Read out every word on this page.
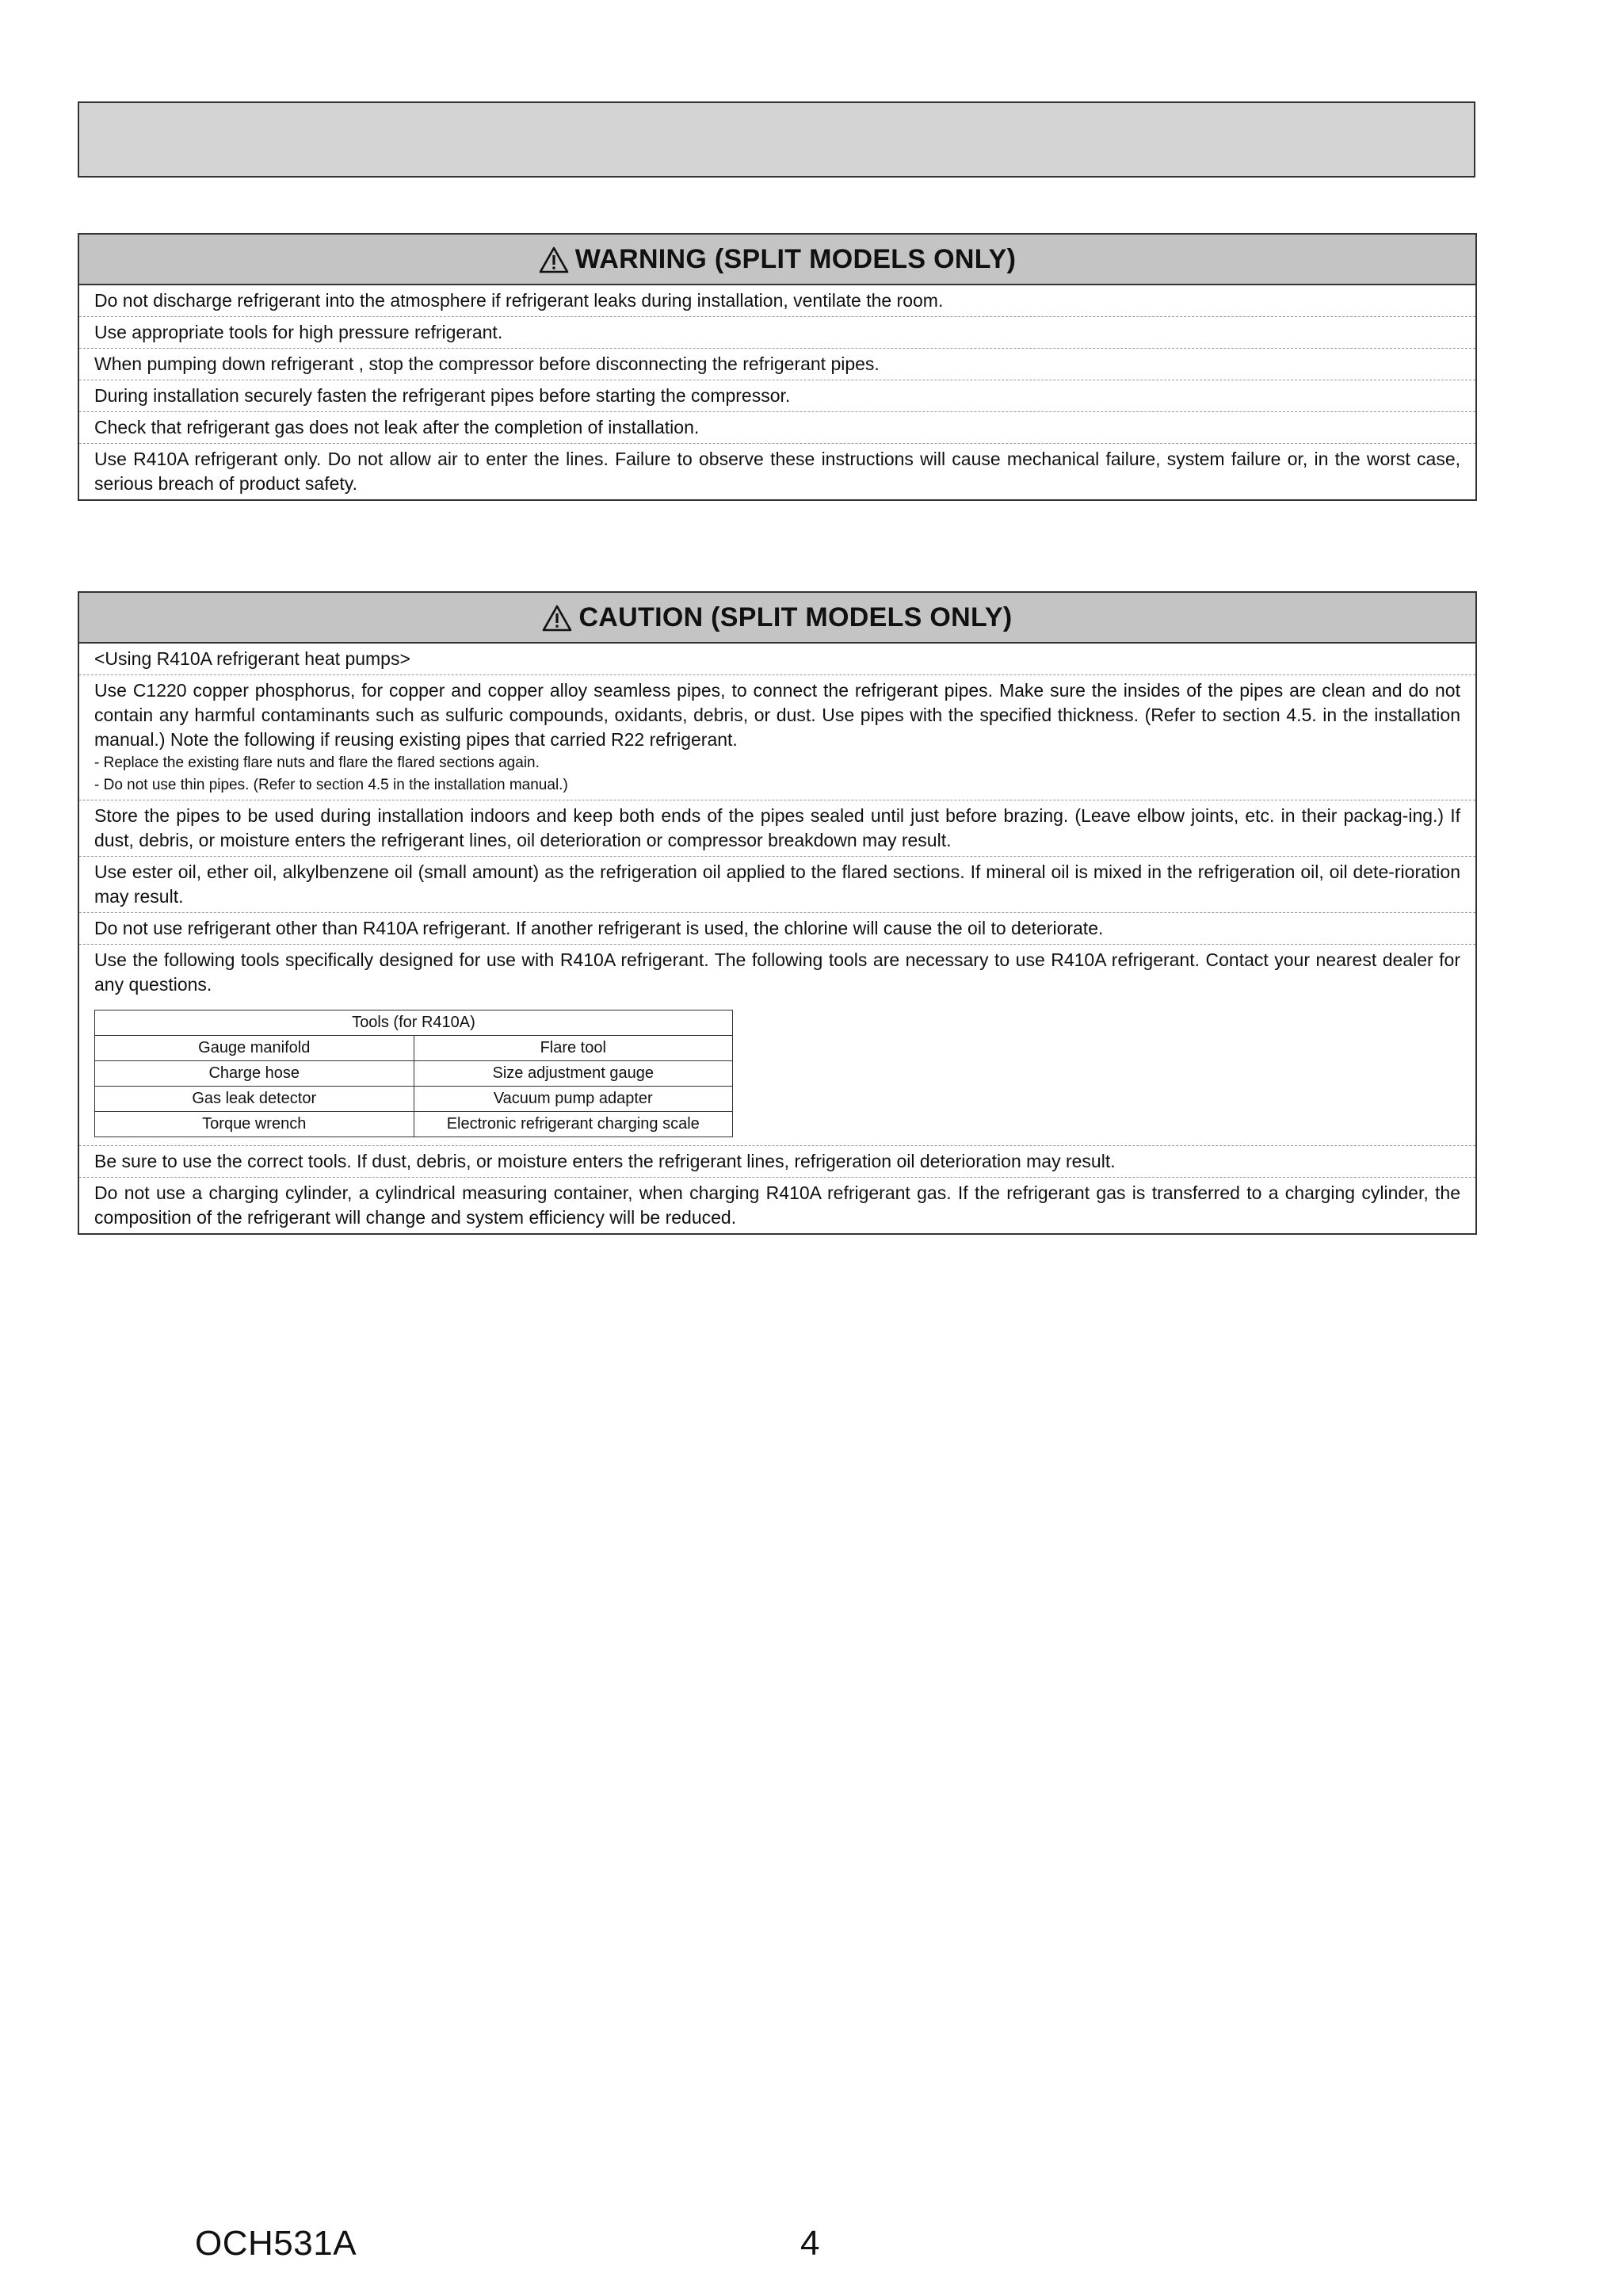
WARNING (SPLIT MODELS ONLY)
Do not discharge refrigerant into the atmosphere if refrigerant leaks during installation, ventilate the room.
Use appropriate tools for high pressure refrigerant.
When pumping down refrigerant , stop the compressor before disconnecting the refrigerant pipes.
During installation securely fasten the refrigerant pipes before starting the compressor.
Check that refrigerant gas does not leak after the completion of installation.
Use R410A refrigerant only. Do not allow air to enter the lines. Failure to observe these instructions will cause mechanical failure, system failure or, in the worst case, serious breach of product safety.
CAUTION (SPLIT MODELS ONLY)
<Using R410A refrigerant heat pumps>
Use C1220 copper phosphorus, for copper and copper alloy seamless pipes, to connect the refrigerant pipes. Make sure the insides of the pipes are clean and do not contain any harmful contaminants such as sulfuric compounds, oxidants, debris, or dust. Use pipes with the specified thickness. (Refer to section 4.5. in the installation manual.) Note the following if reusing existing pipes that carried R22 refrigerant.
- Replace the existing flare nuts and flare the flared sections again.
- Do not use thin pipes. (Refer to section 4.5 in the installation manual.)
Store the pipes to be used during installation indoors and keep both ends of the pipes sealed until just before brazing. (Leave elbow joints, etc. in their packag-ing.) If dust, debris, or moisture enters the refrigerant lines, oil deterioration or compressor breakdown may result.
Use ester oil, ether oil, alkylbenzene oil (small amount) as the refrigeration oil applied to the flared sections. If mineral oil is mixed in the refrigeration oil, oil dete-rioration may result.
Do not use refrigerant other than R410A refrigerant. If another refrigerant is used, the chlorine will cause the oil to deteriorate.
Use the following tools specifically designed for use with R410A refrigerant. The following tools are necessary to use R410A refrigerant. Contact your nearest dealer for any questions.
Tools (for R410A)	
Gauge manifold	Flare tool
Charge hose	Size adjustment gauge
Gas leak detector	Vacuum pump adapter
Torque wrench	Electronic refrigerant charging scale
Be sure to use the correct tools. If dust, debris, or moisture enters the refrigerant lines, refrigeration oil deterioration may result.
Do not use a charging cylinder, a cylindrical measuring container, when charging R410A refrigerant gas. If the refrigerant gas is transferred to a charging cylinder, the composition of the refrigerant will change and system efficiency will be reduced.
OCH531A	4
